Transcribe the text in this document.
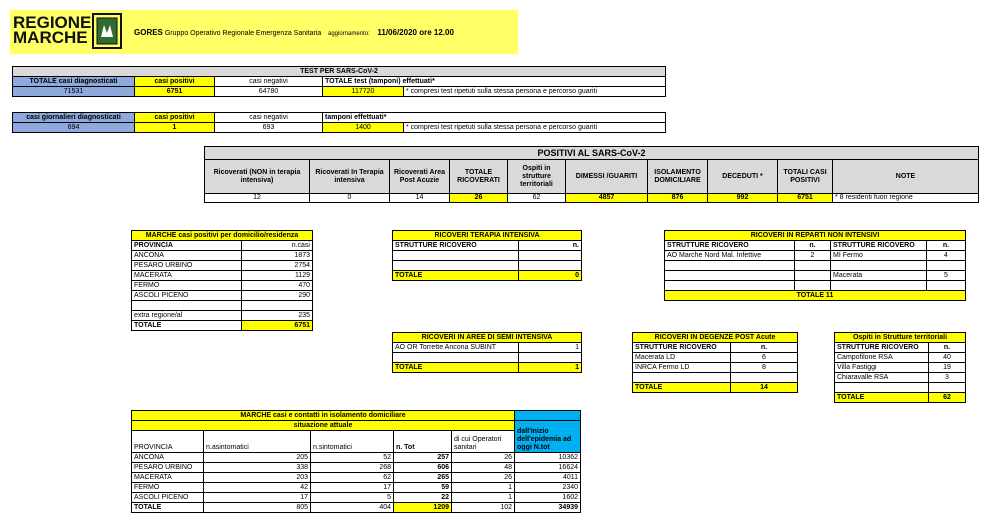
REGIONE
MARCHE	GORES Gruppo Operativo Regionale Emergenza Sanitaria aggiornamento: 11/06/2020 ore 12.00
TEST PER SARS-CoV-2				
TOTALE casi diagnosticati	casi positivi	casi negativi	TOTALE test (tamponi) effettuati*	
71531	6751	64780	117720	* compresi test ripetuti sulla stessa persona e percorso guariti
casi giornalieri diagnosticati	casi positivi	casi negativi	tamponi effettuati*	
694	1	693	1400	* compresi test ripetuti sulla stessa persona e percorso guariti
POSITIVI AL SARS-CoV-2									
Ricoverati (NON in terapia intensiva)	Ricoverati In Terapia intensiva	Ricoverati Area Post Acuzie	TOTALE RICOVERATI	Ospiti in strutture territoriali	DIMESSI /GUARITI	ISOLAMENTO DOMICILIARE	DECEDUTI *	TOTALI CASI POSITIVI	NOTE
12	0	14	26	62	4857	876	992	6751	* 8 residenti fuori regione
MARCHE casi positivi per domicilio/residenza	
PROVINCIA	n.casi
ANCONA	1873
PESARO URBINO	2754
MACERATA	1129
FERMO	470
ASCOLI PICENO	290

extra regione/al	235
TOTALE	6751
RICOVERI TERAPIA INTENSIVA	
STRUTTURE RICOVERO	n.

TOTALE	0
RICOVERI IN REPARTI NON INTENSIVI			
STRUTTURE RICOVERO	n.	STRUTTURE RICOVERO	n.
AO Marche Nord Mal. Infettive	2	MI Fermo	4

		Macerata	5

TOTALE 11			
RICOVERI IN AREE DI SEMI INTENSIVA	
AO OR Torrette Ancona SUBINT	1

TOTALE	1
RICOVERI IN DEGENZE POST Acute	
STRUTTURE RICOVERO	n.
Macerata LD	6
INRCA Fermo LD	8

TOTALE	14
Ospiti in Strutture territoriali	
STRUTTURE RICOVERO	n.
Campofilone RSA	40
Villa Fastiggi	19
Chiaravalle RSA	3

TOTALE	62
MARCHE casi e contatti in isolamento domiciliare					
situazione attuale					dall'inizio dell'epidemia ad oggi N.tot
PROVINCIA	n.asintomatici	n.sintomatici	n. Tot	di cui Operatori sanitari	
ANCONA	205	52	257	26	10362
PESARO URBINO	338	268	606	48	16624
MACERATA	203	62	265	26	4011
FERMO	42	17	59	1	2340
ASCOLI PICENO	17	5	22	1	1602
TOTALE	805	404	1209	102	34939
